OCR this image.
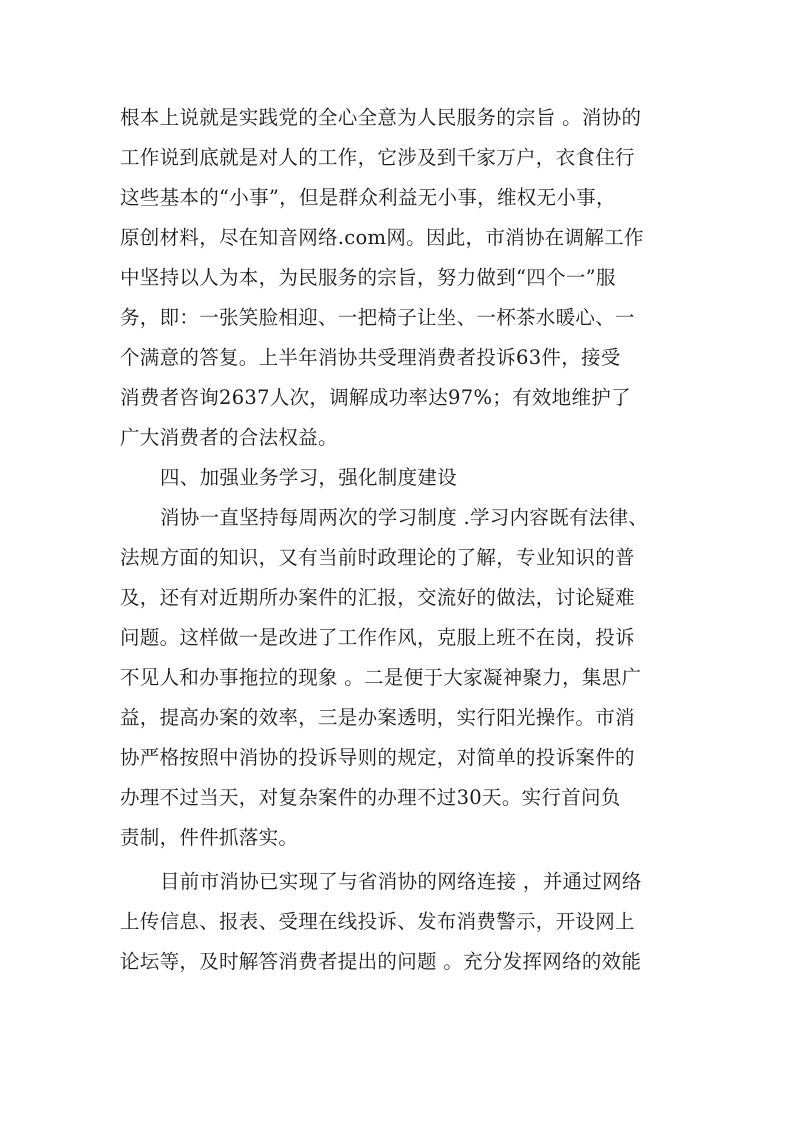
根本上说就是实践党的全心全意为人民服务的宗旨 。消协的
工作说到底就是对人的工作，它涉及到千家万户，衣食住行
这些基本的“小事”，但是群众利益无小事，维权无小事，
原创材料，尽在知音网络.com网。因此，市消协在调解工作
中坚持以人为本，为民服务的宗旨，努力做到“四个一”服
务，即：一张笑脸相迎、一把椅子让坐、一杯茶水暖心、一
个满意的答复。上半年消协共受理消费者投诉63件，接受
消费者咨询2637人次，调解成功率达97%；有效地维护了
广大消费者的合法权益。
四、加强业务学习，强化制度建设
消协一直坚持每周两次的学习制度 .学习内容既有法律、
法规方面的知识，又有当前时政理论的了解，专业知识的普
及，还有对近期所办案件的汇报，交流好的做法，讨论疑难
问题。这样做一是改进了工作作风，克服上班不在岗，投诉
不见人和办事拖拉的现象 。二是便于大家凝神聚力，集思广
益，提高办案的效率，三是办案透明，实行阳光操作。市消
协严格按照中消协的投诉导则的规定，对简单的投诉案件的
办理不过当天，对复杂案件的办理不过30天。实行首问负
责制，件件抓落实。
目前市消协已实现了与省消协的网络连接 ，并通过网络
上传信息、报表、受理在线投诉、发布消费警示，开设网上
论坛等，及时解答消费者提出的问题 。充分发挥网络的效能
